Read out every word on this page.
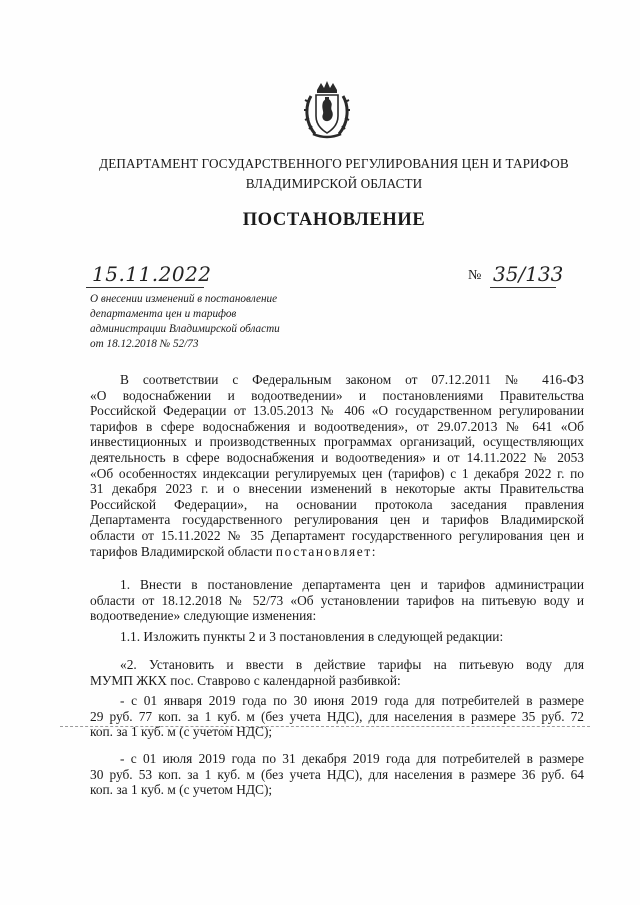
ДЕПАРТАМЕНТ ГОСУДАРСТВЕННОГО РЕГУЛИРОВАНИЯ ЦЕН И ТАРИФОВ
ВЛАДИМИРСКОЙ ОБЛАСТИ
ПОСТАНОВЛЕНИЕ
15.11.2022	№ 35/133
О внесении изменений в постановление
департамента цен и тарифов
администрации Владимирской области
от 18.12.2018 № 52/73
В соответствии с Федеральным законом от 07.12.2011 № 416-ФЗ
«О водоснабжении и водоотведении» и постановлениями Правительства
Российской Федерации от 13.05.2013 № 406 «О государственном регулировании
тарифов в сфере водоснабжения и водоотведения», от 29.07.2013 № 641 «Об
инвестиционных и производственных программах организаций, осуществляющих
деятельность в сфере водоснабжения и водоотведения» и от 14.11.2022 № 2053
«Об особенностях индексации регулируемых цен (тарифов) с 1 декабря 2022 г. по
31 декабря 2023 г. и о внесении изменений в некоторые акты Правительства
Российской Федерации», на основании протокола заседания правления
Департамента государственного регулирования цен и тарифов Владимирской
области от 15.11.2022 № 35 Департамент государственного регулирования цен и
тарифов Владимирской области постановляет:
1. Внести в постановление департамента цен и тарифов администрации
области от 18.12.2018 № 52/73 «Об установлении тарифов на питьевую воду и
водоотведение» следующие изменения:
1.1. Изложить пункты 2 и 3 постановления в следующей редакции:
«2. Установить и ввести в действие тарифы на питьевую воду для
МУМП ЖКХ пос. Ставрово с календарной разбивкой:
- с 01 января 2019 года по 30 июня 2019 года для потребителей в размере
29 руб. 77 коп. за 1 куб. м (без учета НДС), для населения в размере 35 руб. 72
коп. за 1 куб. м (с учетом НДС);
- с 01 июля 2019 года по 31 декабря 2019 года для потребителей в размере
30 руб. 53 коп. за 1 куб. м (без учета НДС), для населения в размере 36 руб. 64
коп. за 1 куб. м (с учетом НДС);
